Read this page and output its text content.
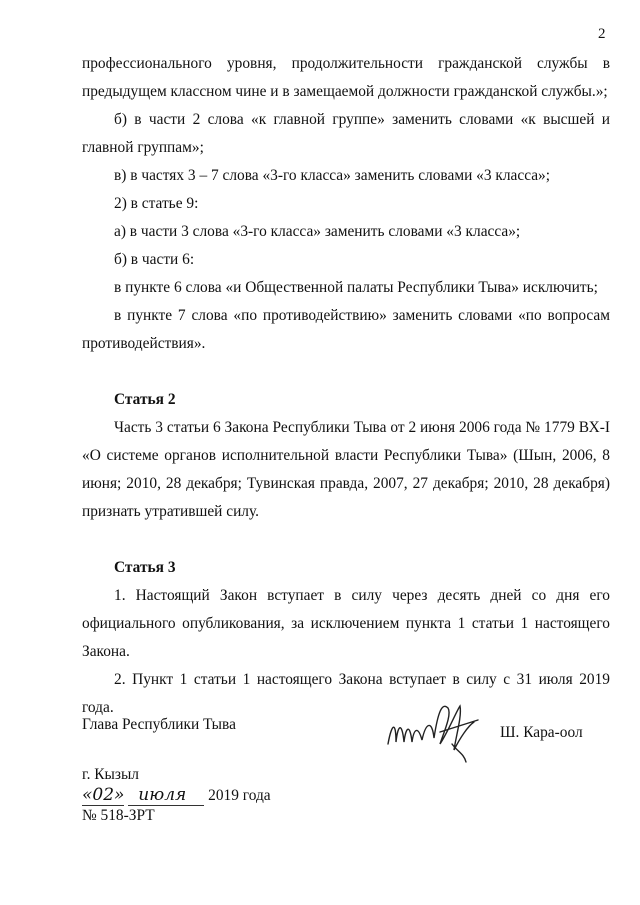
2

профессионального уровня, продолжительности гражданской службы в предыдущем классном чине и в замещаемой должности гражданской службы.»;

б) в части 2 слова «к главной группе» заменить словами «к высшей и главной группам»;

в) в частях 3 – 7 слова «3-го класса» заменить словами «3 класса»;

2) в статье 9:

а) в части 3 слова «3-го класса» заменить словами «3 класса»;

б) в части 6:

в пункте 6 слова «и Общественной палаты Республики Тыва» исключить;

в пункте 7 слова «по противодействию» заменить словами «по вопросам противодействия».

Статья 2

Часть 3 статьи 6 Закона Республики Тыва от 2 июня 2006 года № 1779 ВХ-I «О системе органов исполнительной власти Республики Тыва» (Шын, 2006, 8 июня; 2010, 28 декабря; Тувинская правда, 2007, 27 декабря; 2010, 28 декабря) признать утратившей силу.

Статья 3

1. Настоящий Закон вступает в силу через десять дней со дня его официального опубликования, за исключением пункта 1 статьи 1 настоящего Закона.

2. Пункт 1 статьи 1 настоящего Закона вступает в силу с 31 июля 2019 года.

Глава Республики Тыва	Ш. Кара-оол
г. Кызыл
«02» июля 2019 года
№ 518-ЗРТ
